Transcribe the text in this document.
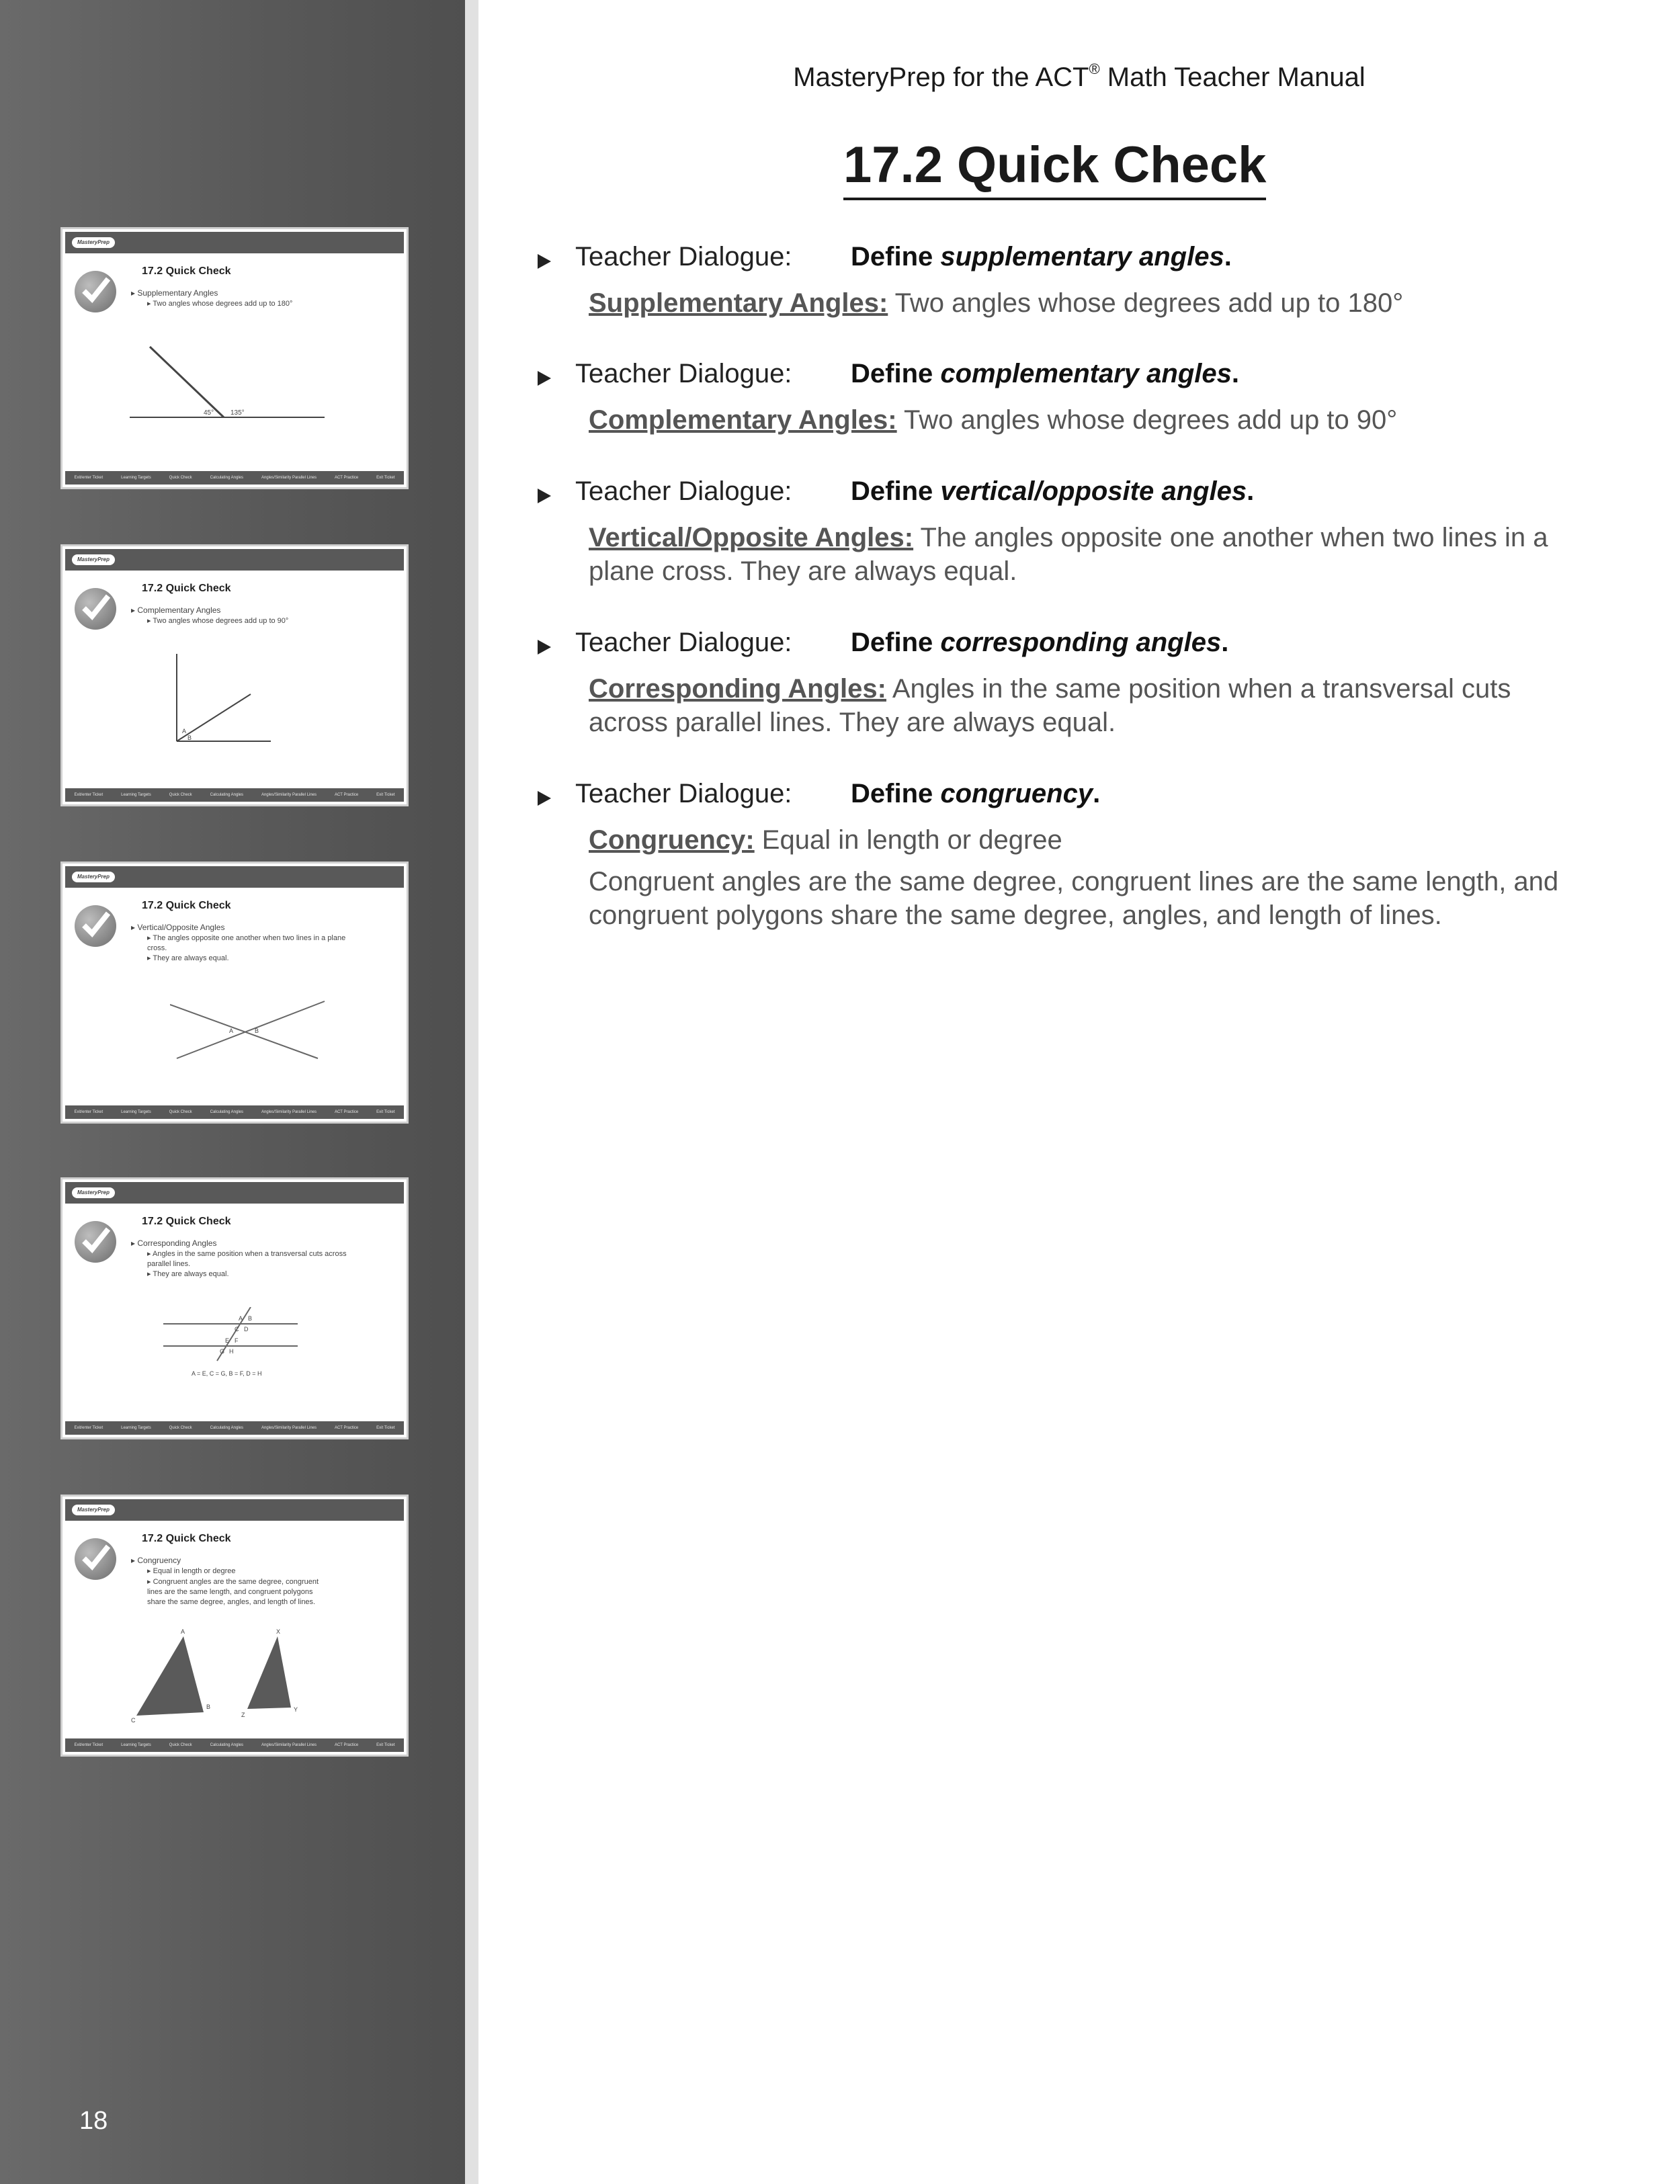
18
MasteryPrep
17.2 Quick Check
▸ Supplementary Angles
▸ Two angles whose degrees add up to 180°
45° 135°
Exit/enter Ticket	Learning Targets	Quick Check	Calculating Angles	Angles/Similarity Parallel Lines	ACT Practice	Exit Ticket
MasteryPrep
17.2 Quick Check
▸ Complementary Angles
▸ Two angles whose degrees add up to 90°
A
B
Exit/enter Ticket	Learning Targets	Quick Check	Calculating Angles	Angles/Similarity Parallel Lines	ACT Practice	Exit Ticket
MasteryPrep
17.2 Quick Check
▸ Vertical/Opposite Angles
▸ The angles opposite one another when two lines in a plane cross.
▸ They are always equal.
A	B
Exit/enter Ticket	Learning Targets	Quick Check	Calculating Angles	Angles/Similarity Parallel Lines	ACT Practice	Exit Ticket
MasteryPrep
17.2 Quick Check
▸ Corresponding Angles
▸ Angles in the same position when a transversal cuts across parallel lines.
▸ They are always equal.
A B
C D
E F
G H
A = E, C = G, B = F, D = H
Exit/enter Ticket	Learning Targets	Quick Check	Calculating Angles	Angles/Similarity Parallel Lines	ACT Practice	Exit Ticket
MasteryPrep
17.2 Quick Check
▸ Congruency
▸ Equal in length or degree
▸ Congruent angles are the same degree, congruent lines are the same length, and congruent polygons share the same degree, angles, and length of lines.
A
B
C
X
Y
Z
Exit/enter Ticket	Learning Targets	Quick Check	Calculating Angles	Angles/Similarity Parallel Lines	ACT Practice	Exit Ticket
MasteryPrep for the ACT® Math Teacher Manual
17.2 Quick Check
Teacher Dialogue: Define supplementary angles.
Supplementary Angles: Two angles whose degrees add up to 180°
Teacher Dialogue: Define complementary angles.
Complementary Angles: Two angles whose degrees add up to 90°
Teacher Dialogue: Define vertical/opposite angles.
Vertical/Opposite Angles: The angles opposite one another when two lines in a plane cross. They are always equal.
Teacher Dialogue: Define corresponding angles.
Corresponding Angles: Angles in the same position when a transversal cuts across parallel lines. They are always equal.
Teacher Dialogue: Define congruency.
Congruency: Equal in length or degree
Congruent angles are the same degree, congruent lines are the same length, and congruent polygons share the same degree, angles, and length of lines.
